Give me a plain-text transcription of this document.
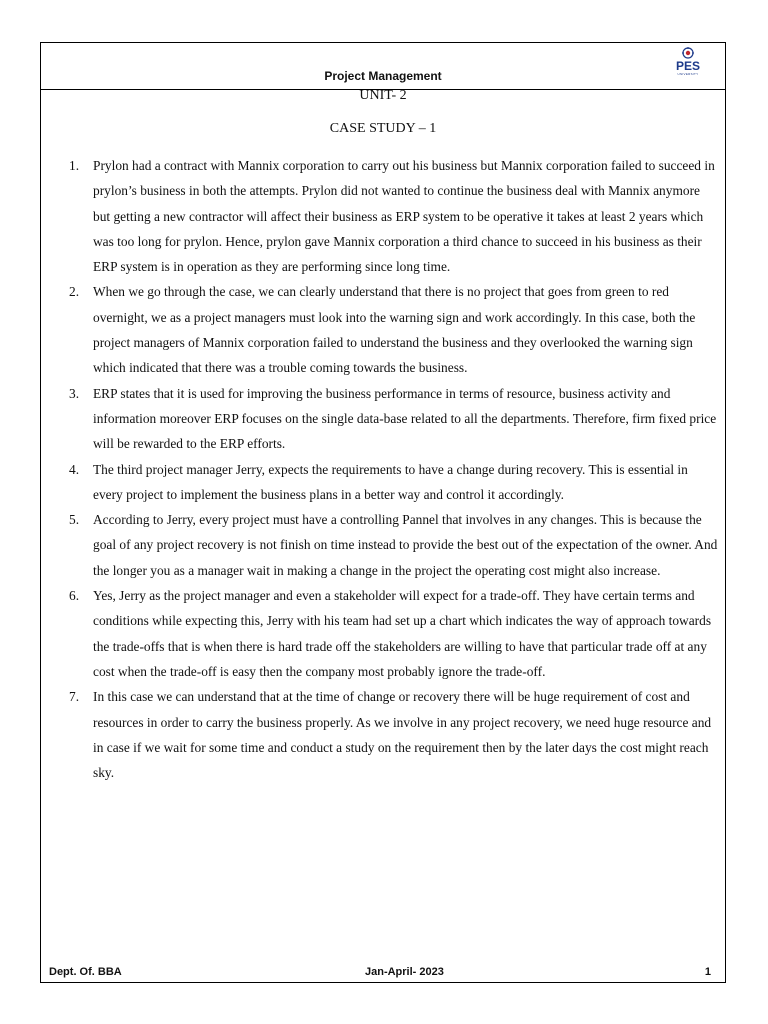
PES
UNIVERSITY
Project Management
UNIT- 2
CASE STUDY – 1
1. Prylon had a contract with Mannix corporation to carry out his business but Mannix corporation failed to succeed in prylon’s business in both the attempts. Prylon did not wanted to continue the business deal with Mannix anymore but getting a new contractor will affect their business as ERP system to be operative it takes at least 2 years which was too long for prylon. Hence, prylon gave Mannix corporation a third chance to succeed in his business as their ERP system is in operation as they are performing since long time.
2. When we go through the case, we can clearly understand that there is no project that goes from green to red overnight, we as a project managers must look into the warning sign and work accordingly. In this case, both the project managers of Mannix corporation failed to understand the business and they overlooked the warning sign which indicated that there was a trouble coming towards the business.
3. ERP states that it is used for improving the business performance in terms of resource, business activity and information moreover ERP focuses on the single data-base related to all the departments. Therefore, firm fixed price will be rewarded to the ERP efforts.
4. The third project manager Jerry, expects the requirements to have a change during recovery. This is essential in every project to implement the business plans in a better way and control it accordingly.
5. According to Jerry, every project must have a controlling Pannel that involves in any changes. This is because the goal of any project recovery is not finish on time instead to provide the best out of the expectation of the owner. And the longer you as a manager wait in making a change in the project the operating cost might also increase.
6. Yes, Jerry as the project manager and even a stakeholder will expect for a trade-off. They have certain terms and conditions while expecting this, Jerry with his team had set up a chart which indicates the way of approach towards the trade-offs that is when there is hard trade off the stakeholders are willing to have that particular trade off at any cost when the trade-off is easy then the company most probably ignore the trade-off.
7. In this case we can understand that at the time of change or recovery there will be huge requirement of cost and resources in order to carry the business properly. As we involve in any project recovery, we need huge resource and in case if we wait for some time and conduct a study on the requirement then by the later days the cost might reach sky.
Dept. Of. BBA	Jan-April- 2023	1
